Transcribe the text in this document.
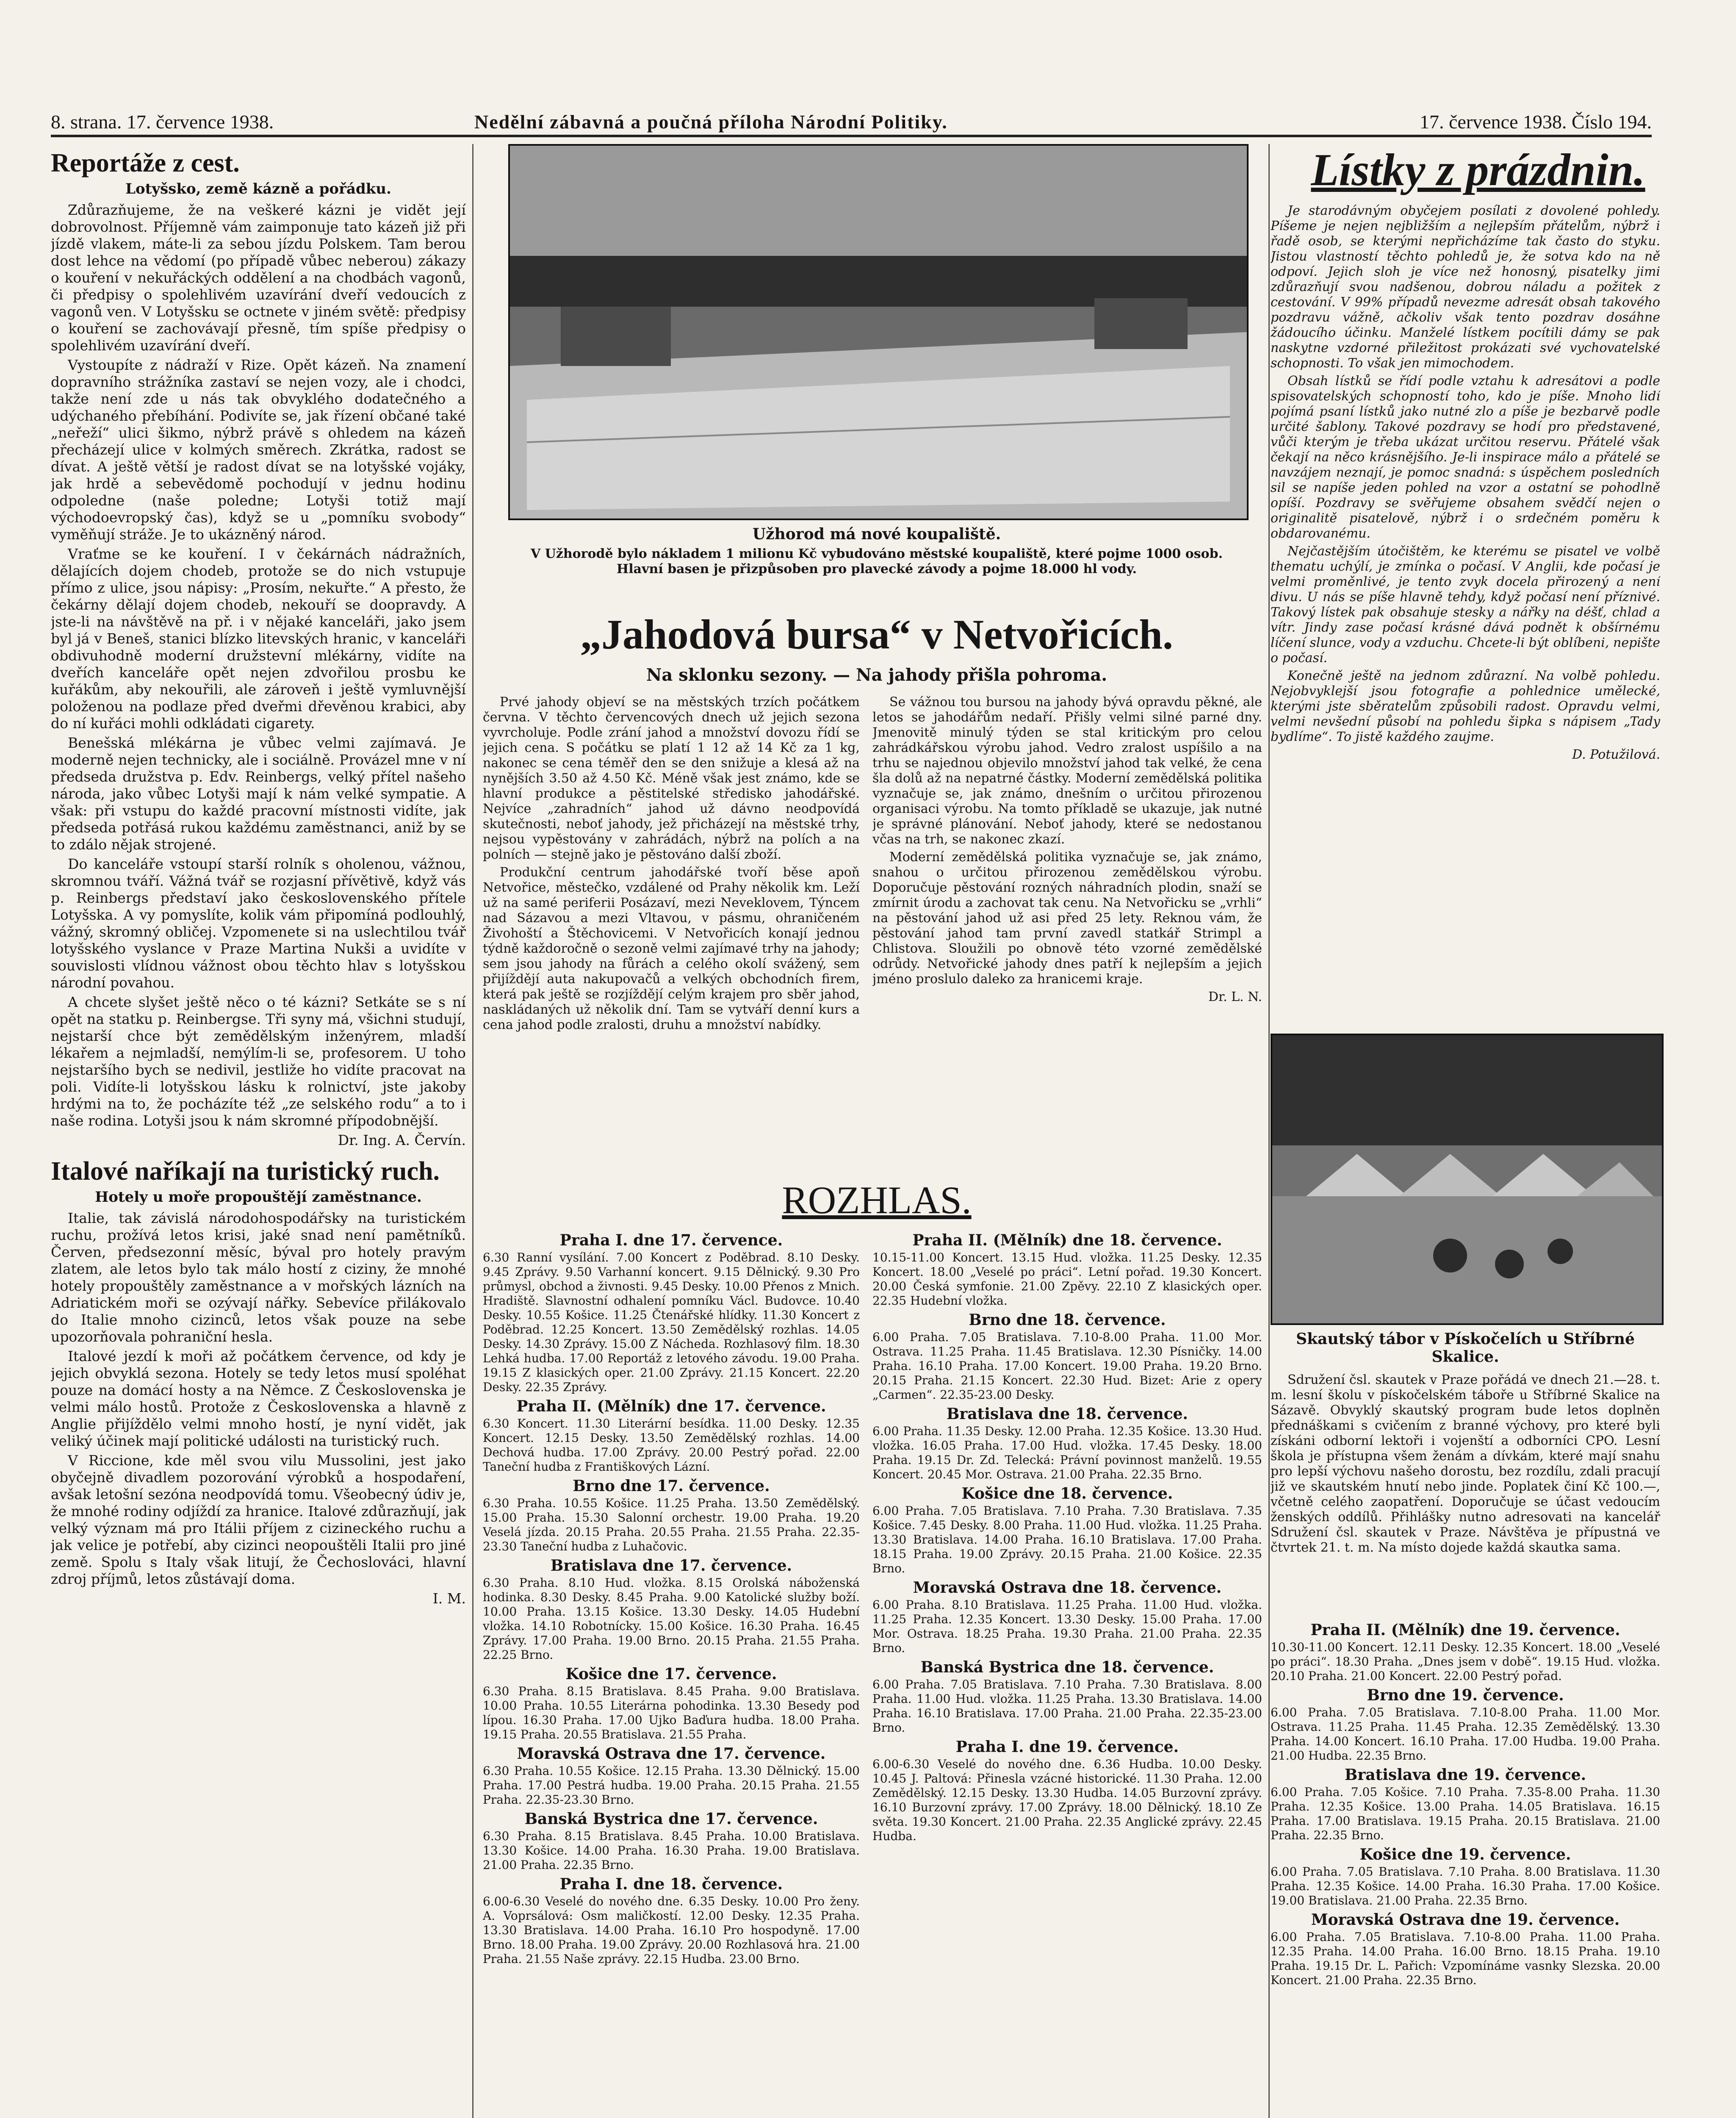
8. strana. 17. července 1938.	Nedělní zábavná a poučná příloha Národní Politiky.	17. července 1938. Číslo 194.
Reportáže z cest.
Lotyšsko, země kázně a pořádku.

Zdůrazňujeme, že na veškeré kázni je vidět její dobrovolnost. Příjemně vám zaimponuje tato kázeň již při jízdě vlakem, máte-li za sebou jízdu Polskem. Tam berou dost lehce na vědomí (po případě vůbec neberou) zákazy o kouření v nekuřáckých oddělení a na chodbách vagonů, či předpisy o spolehlivém uzavírání dveří vedoucích z vagonů ven. V Lotyšsku se octnete v jiném světě: předpisy o kouření se zachovávají přesně, tím spíše předpisy o spolehlivém uzavírání dveří.

Vystoupíte z nádraží v Rize. Opět kázeň. Na znamení dopravního strážníka zastaví se nejen vozy, ale i chodci, takže není zde u nás tak obvyklého dodatečného a udýchaného přebíhání. Podivíte se, jak řízení občané také „neřeží“ ulici šikmo, nýbrž právě s ohledem na kázeň přecházejí ulice v kolmých směrech. Zkrátka, radost se dívat. A ještě větší je radost dívat se na lotyšské vojáky, jak hrdě a sebevědomě pochodují v jednu hodinu odpoledne (naše poledne; Lotyši totiž mají východoevropský čas), když se u „pomníku svobody“ vyměňují stráže. Je to ukázněný národ.

Vraťme se ke kouření. I v čekárnách nádražních, dělajících dojem chodeb, protože se do nich vstupuje přímo z ulice, jsou nápisy: „Prosím, nekuřte.“ A přesto, že čekárny dělají dojem chodeb, nekouří se doopravdy. A jste-li na návštěvě na př. i v nějaké kanceláři, jako jsem byl já v Beneš, stanici blízko litevských hranic, v kanceláři obdivuhodně moderní družstevní mlékárny, vidíte na dveřích kanceláře opět nejen zdvořilou prosbu ke kuřákům, aby nekouřili, ale zároveň i ještě vymluvnější položenou na podlaze před dveřmi dřevěnou krabici, aby do ní kuřáci mohli odkládati cigarety.

Benešská mlékárna je vůbec velmi zajímavá. Je moderně nejen technicky, ale i sociálně. Provázel mne v ní předseda družstva p. Edv. Reinbergs, velký přítel našeho národa, jako vůbec Lotyši mají k nám velké sympatie. A však: při vstupu do každé pracovní místnosti vidíte, jak předseda potřásá rukou každému zaměstnanci, aniž by se to zdálo nějak strojené.

Do kanceláře vstoupí starší rolník s oholenou, vážnou, skromnou tváří. Vážná tvář se rozjasní přívětivě, když vás p. Reinbergs představí jako československého přítele Lotyšska. A vy pomyslíte, kolik vám připomíná podlouhlý, vážný, skromný obličej. Vzpomenete si na uslechtilou tvář lotyšského vyslance v Praze Martina Nukši a uvidíte v souvislosti vlídnou vážnost obou těchto hlav s lotyšskou národní povahou.

A chcete slyšet ještě něco o té kázni? Setkáte se s ní opět na statku p. Reinbergse. Tři syny má, všichni studují, nejstarší chce být zemědělským inženýrem, mladší lékařem a nejmladší, nemýlím-li se, profesorem. U toho nejstaršího bych se nedivil, jestliže ho vidíte pracovat na poli. Vidíte-li lotyšskou lásku k rolnictví, jste jakoby hrdými na to, že pocházíte též „ze selského rodu“ a to i naše rodina. Lotyši jsou k nám skromné přípodobnější.

Dr. Ing. A. Červín.
Italové naříkají na turistický ruch.
Hotely u moře propouštějí zaměstnance.

Italie, tak závislá národohospodářsky na turistickém ruchu, prožívá letos krisi, jaké snad není pamětníků. Červen, předsezonní měsíc, býval pro hotely pravým zlatem, ale letos bylo tak málo hostí z ciziny, že mnohé hotely propouštěly zaměstnance a v mořských lázních na Adriatickém moři se ozývají nářky. Sebevíce přilákovalo do Italie mnoho cizinců, letos však pouze na sebe upozorňovala pohraniční hesla.

Italové jezdí k moři až počátkem července, od kdy je jejich obvyklá sezona. Hotely se tedy letos musí spoléhat pouze na domácí hosty a na Němce. Z Československa je velmi málo hostů. Protože z Československa a hlavně z Anglie přijíždělo velmi mnoho hostí, je nyní vidět, jak veliký účinek mají politické události na turistický ruch.

V Riccione, kde měl svou vilu Mussolini, jest jako obyčejně divadlem pozorování výrobků a hospodaření, avšak letošní sezóna neodpovídá tomu. Všeobecný údiv je, že mnohé rodiny odjíždí za hranice. Italové zdůrazňují, jak velký význam má pro Itálii příjem z cizineckého ruchu a jak velice je potřebí, aby cizinci neopouštěli Italii pro jiné země. Spolu s Italy však litují, že Čechoslováci, hlavní zdroj příjmů, letos zůstávají doma.

I. M.
Užhorod má nové koupaliště.
V Užhorodě bylo nákladem 1 milionu Kč vybudováno městské koupaliště, které pojme 1000 osob. Hlavní basen je přizpůsoben pro plavecké závody a pojme 18.000 hl vody.
„Jahodová bursa“ v Netvořicích.
Na sklonku sezony. — Na jahody přišla pohroma.

Prvé jahody objeví se na městských trzích počátkem června. V těchto červencových dnech už jejich sezona vyvrcholuje. Podle zrání jahod a množství dovozu řídí se jejich cena. S počátku se platí 1 12 až 14 Kč za 1 kg, nakonec se cena téměř den se den snižuje a klesá až na nynějších 3.50 až 4.50 Kč. Méně však jest známo, kde se hlavní produkce a pěstitelské středisko jahodářské. Nejvíce „zahradních“ jahod už dávno neodpovídá skutečnosti, neboť jahody, jež přicházejí na městské trhy, nejsou vypěstovány v zahrádách, nýbrž na polích a na polních — stejně jako je pěstováno další zboží.

Produkční centrum jahodářské tvoří běse apoň Netvořice, městečko, vzdálené od Prahy několik km. Leží už na samé periferii Posázaví, mezi Neveklovem, Týncem nad Sázavou a mezi Vltavou, v pásmu, ohraničeném Živohoští a Štěchovicemi. V Netvořicích konají jednou týdně každoročně o sezoně velmi zajímavé trhy na jahody; sem jsou jahody na fůrách a celého okolí svážený, sem přijíždějí auta nakupovačů a velkých obchodních firem, která pak ještě se rozjíždějí celým krajem pro sběr jahod, naskládaných už několik dní. Tam se vytváří denní kurs a cena jahod podle zralosti, druhu a množství nabídky.

Se vážnou tou bursou na jahody bývá opravdu pěkné, ale letos se jahodářům nedaří. Přišly velmi silné parné dny. Jmenovitě minulý týden se stal kritickým pro celou zahrádkářskou výrobu jahod. Vedro zralost uspíšilo a na trhu se najednou objevilo množství jahod tak velké, že cena šla dolů až na nepatrné částky. Moderní zemědělská politika vyznačuje se, jak známo, dnešním o určitou přirozenou organisaci výrobu. Na tomto příkladě se ukazuje, jak nutné je správné plánování. Neboť jahody, které se nedostanou včas na trh, se nakonec zkazí.

Moderní zemědělská politika vyznačuje se, jak známo, snahou o určitou přirozenou zemědělskou výrobu. Doporučuje pěstování rozných náhradních plodin, snaží se zmírnit úrodu a zachovat tak cenu. Na Netvořicku se „vrhli“ na pěstování jahod už asi před 25 lety. Reknou vám, že pěstování jahod tam první zavedl statkář Strimpl a Chlistova. Sloužili po obnově této vzorné zemědělské odrůdy. Netvořické jahody dnes patří k nejlepším a jejich jméno proslulo daleko za hranicemi kraje.

Dr. L. N.
ROZHLAS.
Praha I. dne 17. července.
6.30 Ranní vysílání. 7.00 Koncert z Poděbrad. 8.10 Desky. 9.45 Zprávy. 9.50 Varhanní koncert. 9.15 Dělnický. 9.30 Pro průmysl, obchod a živnosti. 9.45 Desky. 10.00 Přenos z Mnich. Hradiště. Slavnostní odhalení pomníku Václ. Budovce. 10.40 Desky. 10.55 Košice. 11.25 Čtenářské hlídky. 11.30 Koncert z Poděbrad. 12.25 Koncert. 13.50 Zemědělský rozhlas. 14.05 Desky. 14.30 Zprávy. 15.00 Z Nácheda. Rozhlasový film. 18.30 Lehká hudba. 17.00 Reportáž z letového závodu. 19.00 Praha. 19.15 Z klasických oper. 21.00 Zprávy. 21.15 Koncert. 22.20 Desky. 22.35 Zprávy.
Praha II. (Mělník) dne 17. července.
6.30 Koncert. 11.30 Literární besídka. 11.00 Desky. 12.35 Koncert. 12.15 Desky. 13.50 Zemědělský rozhlas. 14.00 Dechová hudba. 17.00 Zprávy. 20.00 Pestrý pořad. 22.00 Taneční hudba z Františkových Lázní.
Brno dne 17. července.
6.30 Praha. 10.55 Košice. 11.25 Praha. 13.50 Zemědělský. 15.00 Praha. 15.30 Salonní orchestr. 19.00 Praha. 19.20 Veselá jízda. 20.15 Praha. 20.55 Praha. 21.55 Praha. 22.35-23.30 Taneční hudba z Luhačovic.
Bratislava dne 17. července.
6.30 Praha. 8.10 Hud. vložka. 8.15 Orolská náboženská hodinka. 8.30 Desky. 8.45 Praha. 9.00 Katolické služby boží. 10.00 Praha. 13.15 Košice. 13.30 Desky. 14.05 Hudební vložka. 14.10 Robotnícky. 15.00 Košice. 16.30 Praha. 16.45 Zprávy. 17.00 Praha. 19.00 Brno. 20.15 Praha. 21.55 Praha. 22.25 Brno.
Košice dne 17. července.
6.30 Praha. 8.15 Bratislava. 8.45 Praha. 9.00 Bratislava. 10.00 Praha. 10.55 Literárna pohodinka. 13.30 Besedy pod lípou. 16.30 Praha. 17.00 Ujko Baďura hudba. 18.00 Praha. 19.15 Praha. 20.55 Bratislava. 21.55 Praha.
Moravská Ostrava dne 17. července.
6.30 Praha. 10.55 Košice. 12.15 Praha. 13.30 Dělnický. 15.00 Praha. 17.00 Pestrá hudba. 19.00 Praha. 20.15 Praha. 21.55 Praha. 22.35-23.30 Brno.
Banská Bystrica dne 17. července.
6.30 Praha. 8.15 Bratislava. 8.45 Praha. 10.00 Bratislava. 13.30 Košice. 14.00 Praha. 16.30 Praha. 19.00 Bratislava. 21.00 Praha. 22.35 Brno.
Praha I. dne 18. července.
6.00-6.30 Veselé do nového dne. 6.35 Desky. 10.00 Pro ženy. A. Voprsálová: Osm maličkostí. 12.00 Desky. 12.35 Praha. 13.30 Bratislava. 14.00 Praha. 16.10 Pro hospodyně. 17.00 Brno. 18.00 Praha. 19.00 Zprávy. 20.00 Rozhlasová hra. 21.00 Praha. 21.55 Naše zprávy. 22.15 Hudba. 23.00 Brno.
Praha II. (Mělník) dne 18. července.
10.15-11.00 Koncert. 13.15 Hud. vložka. 11.25 Desky. 12.35 Koncert. 18.00 „Veselé po práci“. Letní pořad. 19.30 Koncert. 20.00 Česká symfonie. 21.00 Zpěvy. 22.10 Z klasických oper. 22.35 Hudební vložka.
Brno dne 18. července.
6.00 Praha. 7.05 Bratislava. 7.10-8.00 Praha. 11.00 Mor. Ostrava. 11.25 Praha. 11.45 Bratislava. 12.30 Písničky. 14.00 Praha. 16.10 Praha. 17.00 Koncert. 19.00 Praha. 19.20 Brno. 20.15 Praha. 21.15 Koncert. 22.30 Hud. Bizet: Arie z opery „Carmen“. 22.35-23.00 Desky.
Bratislava dne 18. července.
6.00 Praha. 11.35 Desky. 12.00 Praha. 12.35 Košice. 13.30 Hud. vložka. 16.05 Praha. 17.00 Hud. vložka. 17.45 Desky. 18.00 Praha. 19.15 Dr. Zd. Telecká: Právní povinnost manželů. 19.55 Koncert. 20.45 Mor. Ostrava. 21.00 Praha. 22.35 Brno.
Košice dne 18. července.
6.00 Praha. 7.05 Bratislava. 7.10 Praha. 7.30 Bratislava. 7.35 Košice. 7.45 Desky. 8.00 Praha. 11.00 Hud. vložka. 11.25 Praha. 13.30 Bratislava. 14.00 Praha. 16.10 Bratislava. 17.00 Praha. 18.15 Praha. 19.00 Zprávy. 20.15 Praha. 21.00 Košice. 22.35 Brno.
Moravská Ostrava dne 18. července.
6.00 Praha. 8.10 Bratislava. 11.25 Praha. 11.00 Hud. vložka. 11.25 Praha. 12.35 Koncert. 13.30 Desky. 15.00 Praha. 17.00 Mor. Ostrava. 18.25 Praha. 19.30 Praha. 21.00 Praha. 22.35 Brno.
Banská Bystrica dne 18. července.
6.00 Praha. 7.05 Bratislava. 7.10 Praha. 7.30 Bratislava. 8.00 Praha. 11.00 Hud. vložka. 11.25 Praha. 13.30 Bratislava. 14.00 Praha. 16.10 Bratislava. 17.00 Praha. 21.00 Praha. 22.35-23.00 Brno.
Praha I. dne 19. července.
6.00-6.30 Veselé do nového dne. 6.36 Hudba. 10.00 Desky. 10.45 J. Paltová: Přinesla vzácné historické. 11.30 Praha. 12.00 Zemědělský. 12.15 Desky. 13.30 Hudba. 14.05 Burzovní zprávy. 16.10 Burzovní zprávy. 17.00 Zprávy. 18.00 Dělnický. 18.10 Ze světa. 19.30 Koncert. 21.00 Praha. 22.35 Anglické zprávy. 22.45 Hudba.
Lístky z prázdnin.

Je starodávným obyčejem posílati z dovolené pohledy. Píšeme je nejen nejbližším a nejlepším přátelům, nýbrž i řadě osob, se kterými nepřicházíme tak často do styku. Jistou vlastností těchto pohledů je, že sotva kdo na ně odpoví. Jejich sloh je více než honosný, pisatelky jimi zdůrazňují svou nadšenou, dobrou náladu a požitek z cestování. V 99% případů nevezme adresát obsah takového pozdravu vážně, ačkoliv však tento pozdrav dosáhne žádoucího účinku. Manželé lístkem pocítili dámy se pak naskytne vzdorné přiležitost prokázati své vychovatelské schopnosti. To však jen mimochodem.

Obsah lístků se řídí podle vztahu k adresátovi a podle spisovatelských schopností toho, kdo je píše. Mnoho lidí pojímá psaní lístků jako nutné zlo a píše je bezbarvě podle určité šablony. Takové pozdravy se hodí pro představené, vůči kterým je třeba ukázat určitou reservu. Přátelé však čekají na něco krásnějšího. Je-li inspirace málo a přátelé se navzájem neznají, je pomoc snadná: s úspěchem posledních sil se napíše jeden pohled na vzor a ostatní se pohodlně opíší. Pozdravy se svěřujeme obsahem svědčí nejen o originalitě pisatelově, nýbrž i o srdečném poměru k obdarovanému.

Nejčastějším útočištěm, ke kterému se pisatel ve volbě thematu uchýlí, je zmínka o počasí. V Anglii, kde počasí je velmi proměnlivé, je tento zvyk docela přirozený a není divu. U nás se píše hlavně tehdy, když počasí není příznivé. Takový lístek pak obsahuje stesky a nářky na déšť, chlad a vítr. Jindy zase počasí krásné dává podnět k obšírnému líčení slunce, vody a vzduchu. Chcete-li být oblíbeni, nepište o počasí.

Konečně ještě na jednom zdůrazní. Na volbě pohledu. Nejobvyklejší jsou fotografie a pohlednice umělecké, kterými jste sběratelům způsobili radost. Opravdu velmi, velmi nevšední působí na pohledu šipka s nápisem „Tady bydlíme“. To jistě každého zaujme.

D. Potužilová.
Skautský tábor v Pískočelích u Stříbrné Skalice.

Sdružení čsl. skautek v Praze pořádá ve dnech 21.—28. t. m. lesní školu v pískočelském táboře u Stříbrné Skalice na Sázavě. Obvyklý skautský program bude letos doplněn přednáškami s cvičením z branné výchovy, pro které byli získáni odborní lektoři i vojenští a odborníci CPO. Lesní škola je přístupna všem ženám a dívkám, které mají snahu pro lepší výchovu našeho dorostu, bez rozdílu, zdali pracují již ve skautském hnutí nebo jinde. Poplatek činí Kč 100.—, včetně celého zaopatření. Doporučuje se účast vedoucím ženských oddílů. Přihlášky nutno adresovati na kancelář Sdružení čsl. skautek v Praze. Návštěva je přípustná ve čtvrtek 21. t. m. Na místo dojede každá skautka sama.

Praha II. (Mělník) dne 19. července.
10.30-11.00 Koncert. 12.11 Desky. 12.35 Koncert. 18.00 „Veselé po práci“. 18.30 Praha. „Dnes jsem v době“. 19.15 Hud. vložka. 20.10 Praha. 21.00 Koncert. 22.00 Pestrý pořad.
Brno dne 19. července.
6.00 Praha. 7.05 Bratislava. 7.10-8.00 Praha. 11.00 Mor. Ostrava. 11.25 Praha. 11.45 Praha. 12.35 Zemědělský. 13.30 Praha. 14.00 Koncert. 16.10 Praha. 17.00 Hudba. 19.00 Praha. 21.00 Hudba. 22.35 Brno.
Bratislava dne 19. července.
6.00 Praha. 7.05 Košice. 7.10 Praha. 7.35-8.00 Praha. 11.30 Praha. 12.35 Košice. 13.00 Praha. 14.05 Bratislava. 16.15 Praha. 17.00 Bratislava. 19.15 Praha. 20.15 Bratislava. 21.00 Praha. 22.35 Brno.
Košice dne 19. července.
6.00 Praha. 7.05 Bratislava. 7.10 Praha. 8.00 Bratislava. 11.30 Praha. 12.35 Košice. 14.00 Praha. 16.30 Praha. 17.00 Košice. 19.00 Bratislava. 21.00 Praha. 22.35 Brno.
Moravská Ostrava dne 19. července.
6.00 Praha. 7.05 Bratislava. 7.10-8.00 Praha. 11.00 Praha. 12.35 Praha. 14.00 Praha. 16.00 Brno. 18.15 Praha. 19.10 Praha. 19.15 Dr. L. Pařich: Vzpomínáme vasnky Slezska. 20.00 Koncert. 21.00 Praha. 22.35 Brno.
